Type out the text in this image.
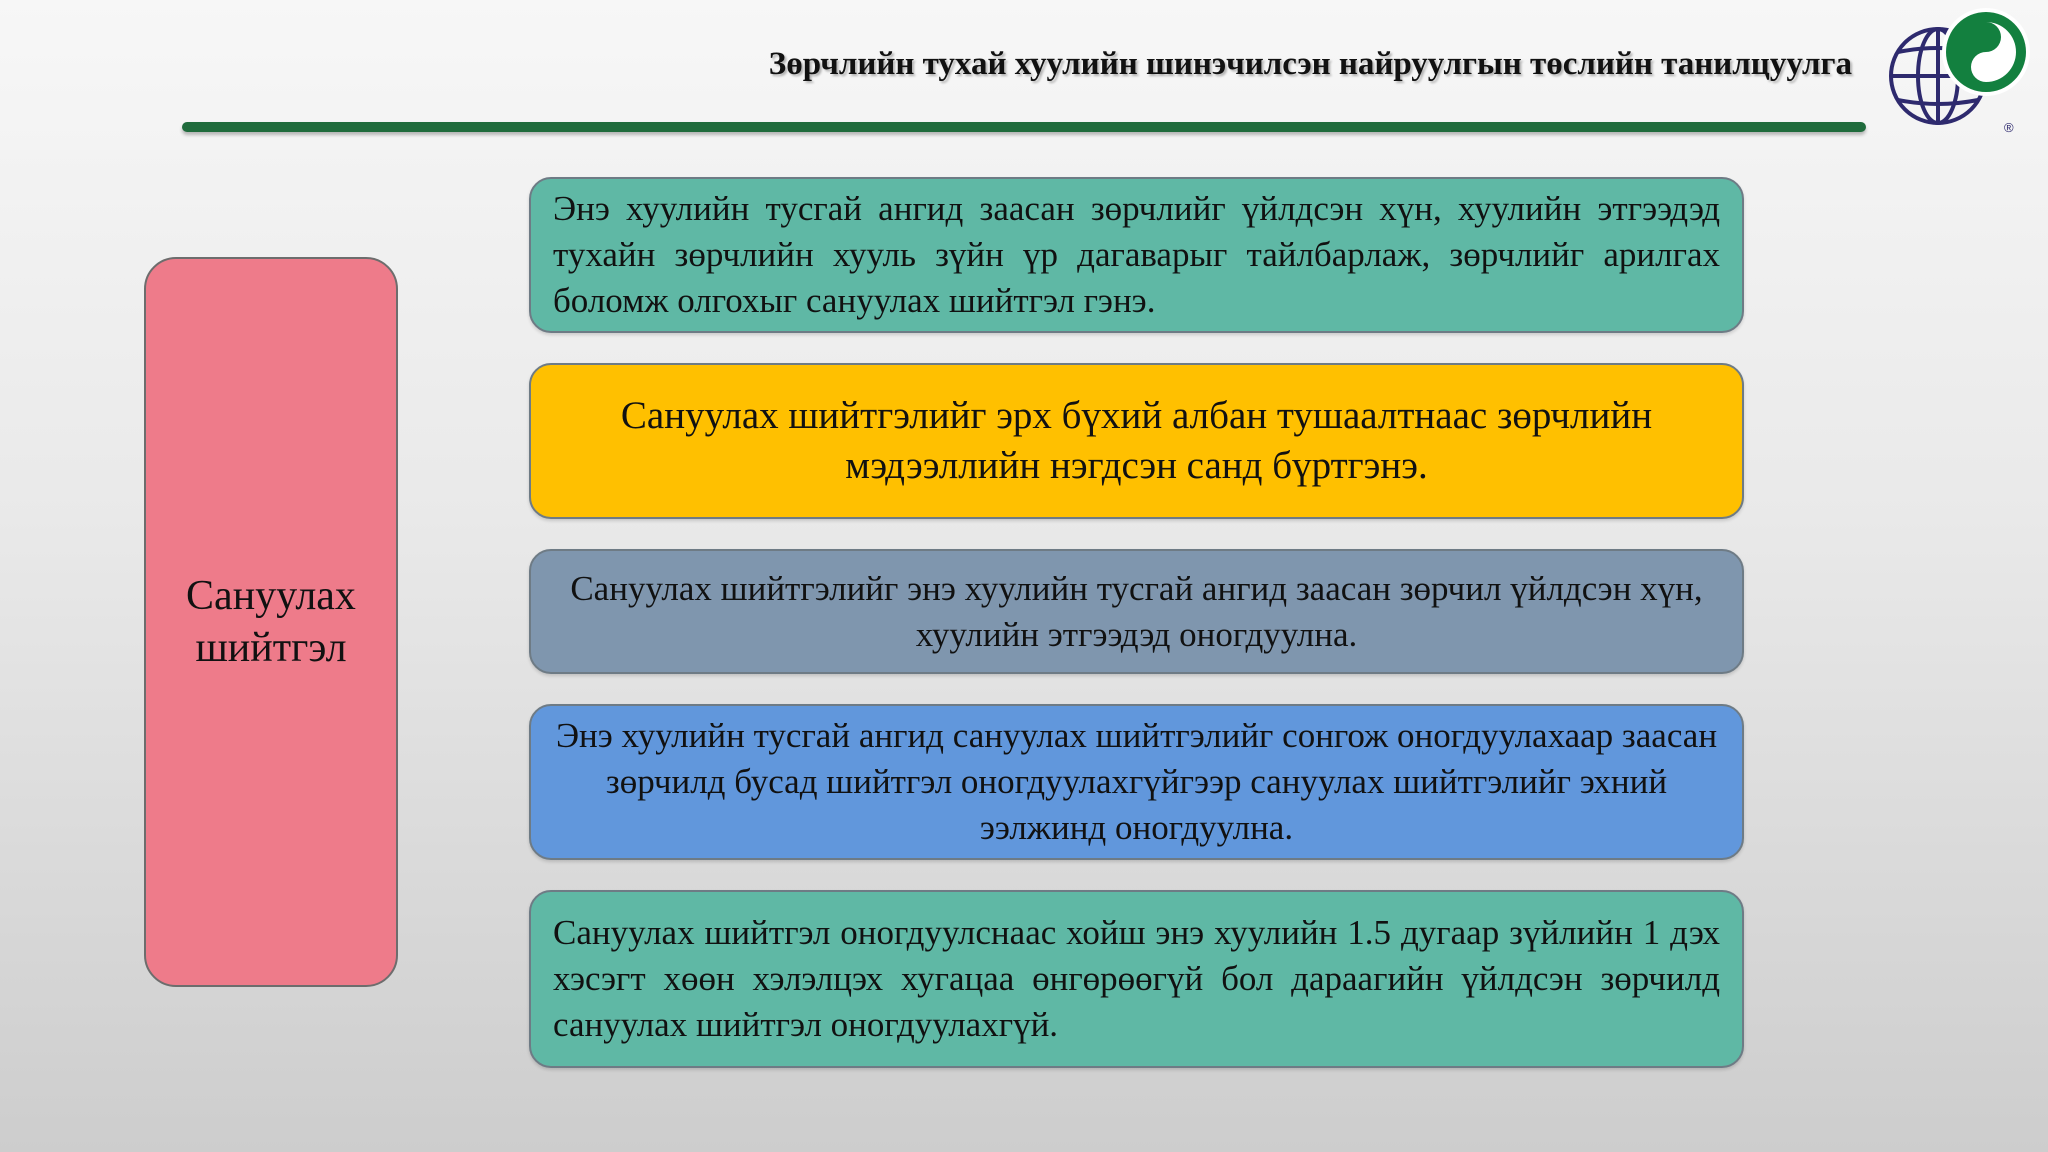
Зөрчлийн тухай хуулийн шинэчилсэн найруулгын төслийн танилцуулга
®
Сануулах шийтгэл
Энэ хуулийн тусгай ангид заасан зөрчлийг үйлдсэн хүн, хуулийн этгээдэд тухайн зөрчлийн хууль зүйн үр дагаварыг тайлбарлаж, зөрчлийг арилгах боломж олгохыг сануулах шийтгэл гэнэ.
Сануулах шийтгэлийг эрх бүхий албан тушаалтнаас зөрчлийн мэдээллийн нэгдсэн санд бүртгэнэ.
Сануулах шийтгэлийг энэ хуулийн тусгай ангид заасан зөрчил үйлдсэн хүн, хуулийн этгээдэд оногдуулна.
Энэ хуулийн тусгай ангид сануулах шийтгэлийг сонгож оногдуулахаар заасан зөрчилд бусад шийтгэл оногдуулахгүйгээр сануулах шийтгэлийг эхний ээлжинд оногдуулна.
Сануулах шийтгэл оногдуулснаас хойш энэ хуулийн 1.5 дугаар зүйлийн 1 дэх хэсэгт хөөн хэлэлцэх хугацаа өнгөрөөгүй бол дараагийн үйлдсэн зөрчилд сануулах шийтгэл оногдуулахгүй.
